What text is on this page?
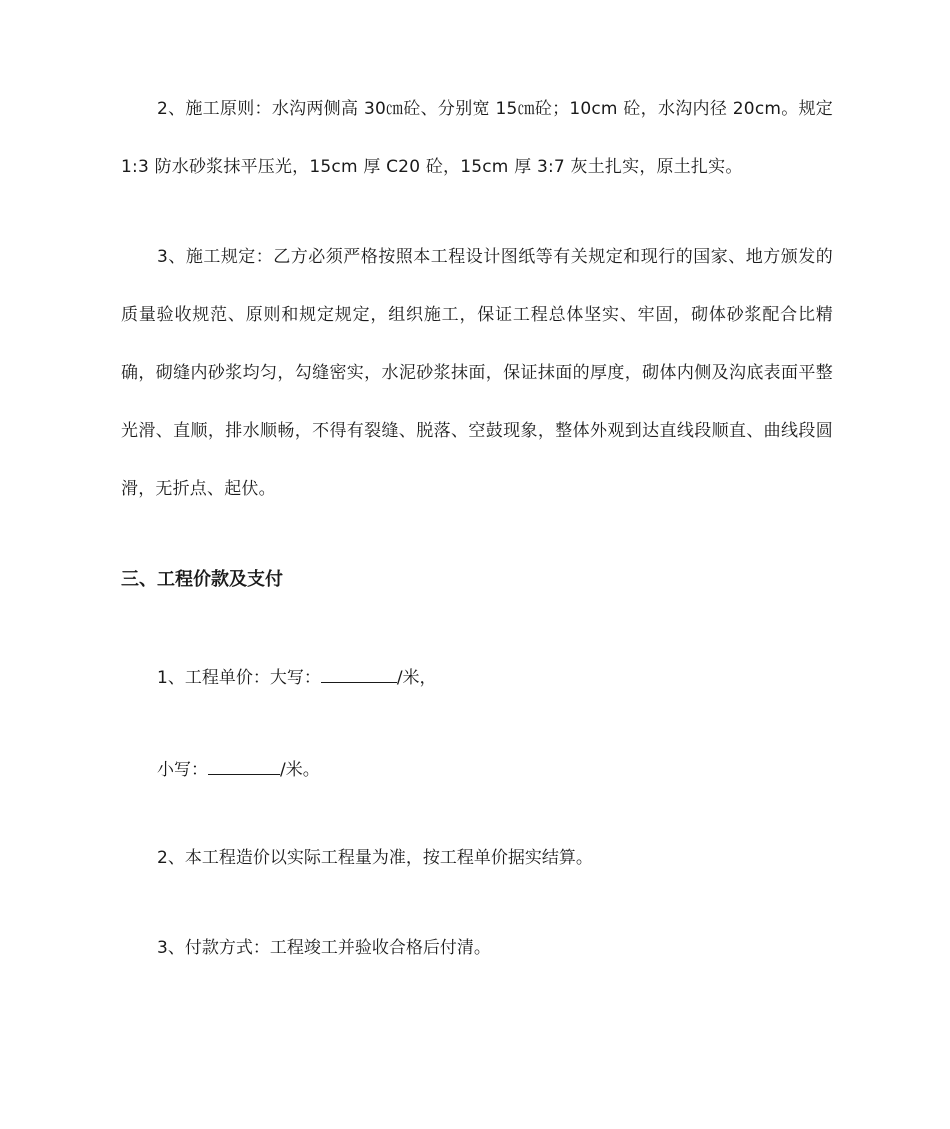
2、施工原则：水沟两侧高 30㎝砼、分别宽 15㎝砼；10cm 砼，水沟内径 20cm。规定 1:3 防水砂浆抹平压光，15cm 厚 C20 砼，15cm 厚 3:7 灰土扎实，原土扎实。

3、施工规定：乙方必须严格按照本工程设计图纸等有关规定和现行的国家、地方颁发的质量验收规范、原则和规定规定，组织施工，保证工程总体坚实、牢固，砌体砂浆配合比精确，砌缝内砂浆均匀，勾缝密实，水泥砂浆抹面，保证抹面的厚度，砌体内侧及沟底表面平整光滑、直顺，排水顺畅，不得有裂缝、脱落、空鼓现象，整体外观到达直线段顺直、曲线段圆滑，无折点、起伏。

三、工程价款及支付

1、工程单价：大写：	/米，

小写：	/米。

2、本工程造价以实际工程量为准，按工程单价据实结算。

3、付款方式：工程竣工并验收合格后付清。
